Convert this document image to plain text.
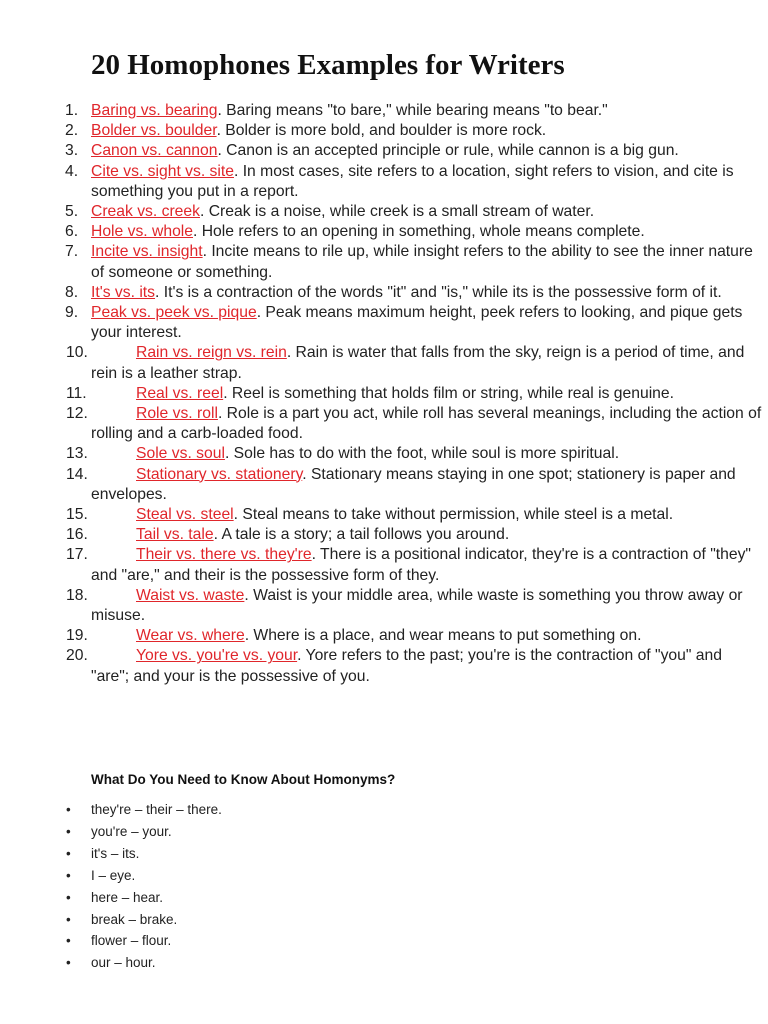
20 Homophones Examples for Writers
1. Baring vs. bearing. Baring means "to bare," while bearing means "to bear."
2. Bolder vs. boulder. Bolder is more bold, and boulder is more rock.
3. Canon vs. cannon. Canon is an accepted principle or rule, while cannon is a big gun.
4. Cite vs. sight vs. site. In most cases, site refers to a location, sight refers to vision, and cite is something you put in a report.
5. Creak vs. creek. Creak is a noise, while creek is a small stream of water.
6. Hole vs. whole. Hole refers to an opening in something, whole means complete.
7. Incite vs. insight. Incite means to rile up, while insight refers to the ability to see the inner nature of someone or something.
8. It's vs. its. It's is a contraction of the words "it" and "is," while its is the possessive form of it.
9. Peak vs. peek vs. pique. Peak means maximum height, peek refers to looking, and pique gets your interest.
10.	Rain vs. reign vs. rein. Rain is water that falls from the sky, reign is a period of time, and rein is a leather strap.
11.	Real vs. reel. Reel is something that holds film or string, while real is genuine.
12.	Role vs. roll. Role is a part you act, while roll has several meanings, including the action of rolling and a carb-loaded food.
13.	Sole vs. soul. Sole has to do with the foot, while soul is more spiritual.
14.	Stationary vs. stationery. Stationary means staying in one spot; stationery is paper and envelopes.
15.	Steal vs. steel. Steal means to take without permission, while steel is a metal.
16.	Tail vs. tale. A tale is a story; a tail follows you around.
17.	Their vs. there vs. they're. There is a positional indicator, they're is a contraction of "they" and "are," and their is the possessive form of they.
18.	Waist vs. waste. Waist is your middle area, while waste is something you throw away or misuse.
19.	Wear vs. where. Where is a place, and wear means to put something on.
20.	Yore vs. you're vs. your. Yore refers to the past; you're is the contraction of "you" and "are"; and your is the possessive of you.
What Do You Need to Know About Homonyms?
• they're – their – there.
• you're – your.
• it's – its.
• I – eye.
• here – hear.
• break – brake.
• flower – flour.
• our – hour.
